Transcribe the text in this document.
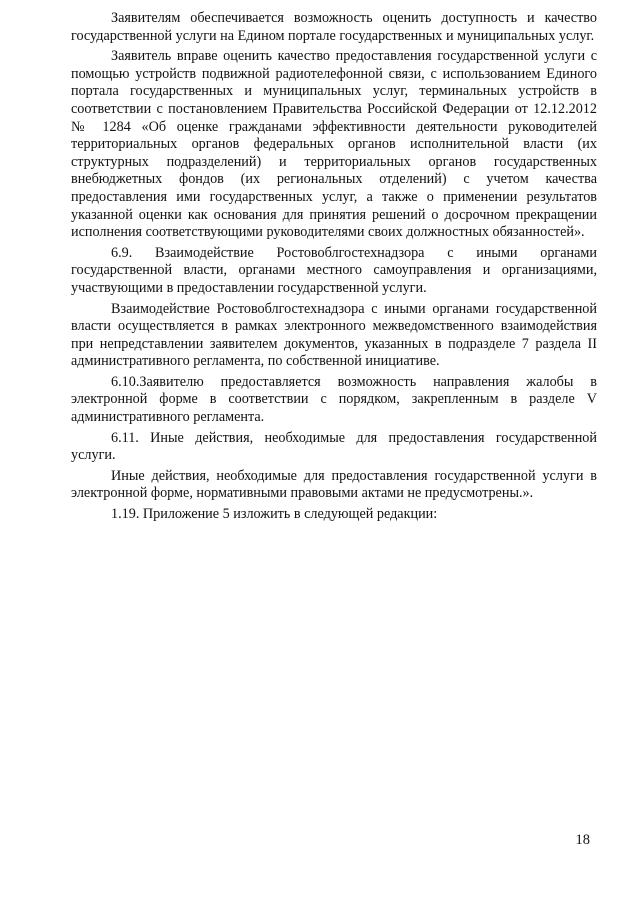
Заявителям обеспечивается возможность оценить доступность и качество государственной услуги на Едином портале государственных и муниципальных услуг.

Заявитель вправе оценить качество предоставления государственной услуги с помощью устройств подвижной радиотелефонной связи, с использованием Единого портала государственных и муниципальных услуг, терминальных устройств в соответствии с постановлением Правительства Российской Федерации от 12.12.2012 № 1284 «Об оценке гражданами эффективности деятельности руководителей территориальных органов федеральных органов исполнительной власти (их структурных подразделений) и территориальных органов государственных внебюджетных фондов (их региональных отделений) с учетом качества предоставления ими государственных услуг, а также о применении результатов указанной оценки как основания для принятия решений о досрочном прекращении исполнения соответствующими руководителями своих должностных обязанностей».

6.9. Взаимодействие Ростовоблгостехнадзора с иными органами государственной власти, органами местного самоуправления и организациями, участвующими в предоставлении государственной услуги.

Взаимодействие Ростовоблгостехнадзора с иными органами государственной власти осуществляется в рамках электронного межведомственного взаимодействия при непредставлении заявителем документов, указанных в подразделе 7 раздела II административного регламента, по собственной инициативе.

6.10.Заявителю предоставляется возможность направления жалобы в электронной форме в соответствии с порядком, закрепленным в разделе V административного регламента.

6.11. Иные действия, необходимые для предоставления государственной услуги.

Иные действия, необходимые для предоставления государственной услуги в электронной форме, нормативными правовыми актами не предусмотрены.».

1.19. Приложение 5 изложить в следующей редакции:

18
